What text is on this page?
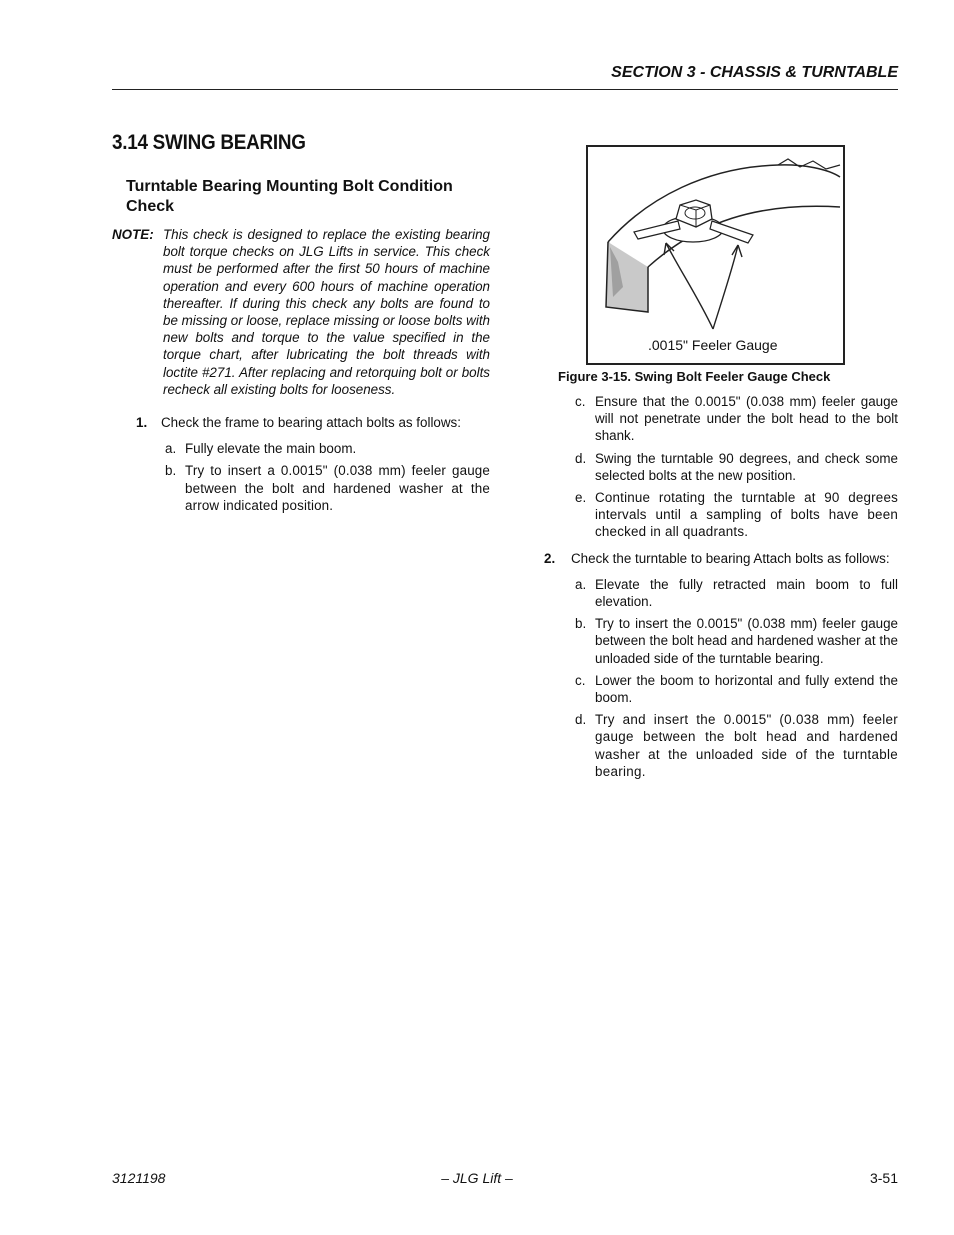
SECTION 3 - CHASSIS & TURNTABLE
3.14 SWING BEARING
Turntable Bearing Mounting Bolt Condition Check
NOTE: This check is designed to replace the existing bearing bolt torque checks on JLG Lifts in service. This check must be performed after the first 50 hours of machine operation and every 600 hours of machine operation thereafter. If during this check any bolts are found to be missing or loose, replace missing or loose bolts with new bolts and torque to the value specified in the torque chart, after lubricating the bolt threads with loctite #271. After replacing and retorquing bolt or bolts recheck all existing bolts for looseness.
1.	Check the frame to bearing attach bolts as follows:
a. Fully elevate the main boom.
b. Try to insert a 0.0015" (0.038 mm) feeler gauge between the bolt and hardened washer at the arrow indicated position.
.0015" Feeler Gauge
Figure 3-15. Swing Bolt Feeler Gauge Check
c. Ensure that the 0.0015" (0.038 mm) feeler gauge will not penetrate under the bolt head to the bolt shank.
d. Swing the turntable 90 degrees, and check some selected bolts at the new position.
e. Continue rotating the turntable at 90 degrees intervals until a sampling of bolts have been checked in all quadrants.
2.	Check the turntable to bearing Attach bolts as follows:
a. Elevate the fully retracted main boom to full elevation.
b. Try to insert the 0.0015" (0.038 mm) feeler gauge between the bolt head and hardened washer at the unloaded side of the turntable bearing.
c. Lower the boom to horizontal and fully extend the boom.
d. Try and insert the 0.0015" (0.038 mm) feeler gauge between the bolt head and hardened washer at the unloaded side of the turntable bearing.
3121198	– JLG Lift –	3-51
